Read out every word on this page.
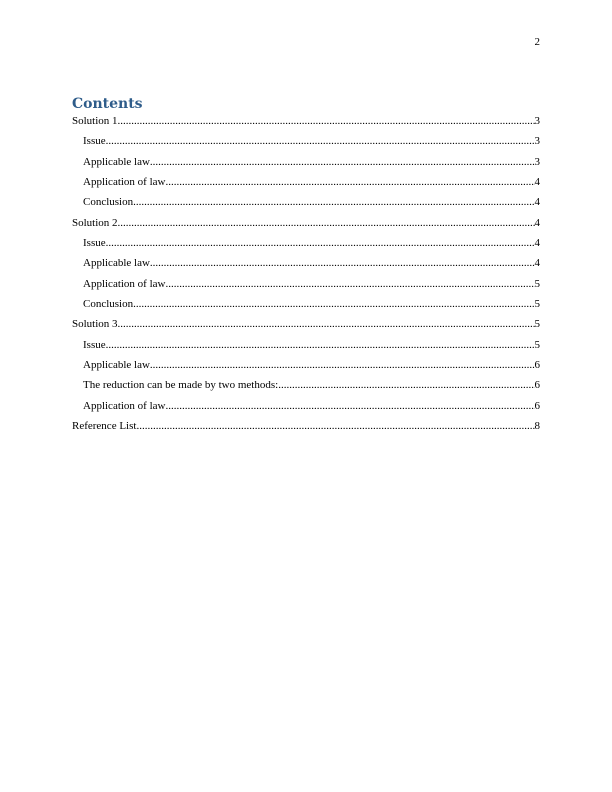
2
Contents
Solution 1 .....	3
Issue .....	3
Applicable law .....	3
Application of law .....	4
Conclusion .....	4
Solution 2 .....	4
Issue .....	4
Applicable law .....	4
Application of law .....	5
Conclusion .....	5
Solution 3 .....	5
Issue .....	5
Applicable law .....	6
The reduction can be made by two methods: .....	6
Application of law .....	6
Reference List .....	8
